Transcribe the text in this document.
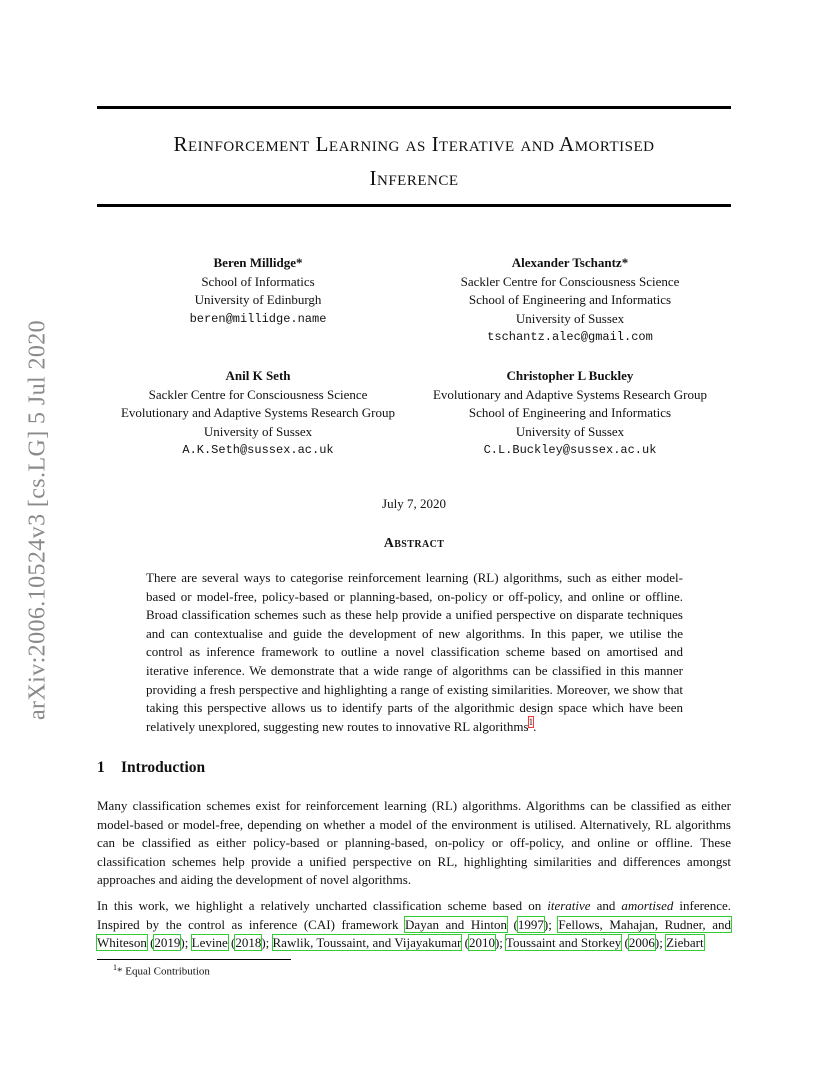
arXiv:2006.10524v3 [cs.LG] 5 Jul 2020
Reinforcement Learning as Iterative and Amortised
Inference
Beren Millidge*
School of Informatics
University of Edinburgh
beren@millidge.name
Alexander Tschantz*
Sackler Centre for Consciousness Science
School of Engineering and Informatics
University of Sussex
tschantz.alec@gmail.com
Anil K Seth
Sackler Centre for Consciousness Science
Evolutionary and Adaptive Systems Research Group
University of Sussex
A.K.Seth@sussex.ac.uk
Christopher L Buckley
Evolutionary and Adaptive Systems Research Group
School of Engineering and Informatics
University of Sussex
C.L.Buckley@sussex.ac.uk
July 7, 2020
Abstract
There are several ways to categorise reinforcement learning (RL) algorithms, such as either model-based or model-free, policy-based or planning-based, on-policy or off-policy, and online or offline. Broad classification schemes such as these help provide a unified perspective on disparate techniques and can contextualise and guide the development of new algorithms. In this paper, we utilise the control as inference framework to outline a novel classification scheme based on amortised and iterative inference. We demonstrate that a wide range of algorithms can be classified in this manner providing a fresh perspective and highlighting a range of existing similarities. Moreover, we show that taking this perspective allows us to identify parts of the algorithmic design space which have been relatively unexplored, suggesting new routes to innovative RL algorithms$^1$.
1 Introduction
Many classification schemes exist for reinforcement learning (RL) algorithms. Algorithms can be classified as either model-based or model-free, depending on whether a model of the environment is utilised. Alternatively, RL algorithms can be classified as either policy-based or planning-based, on-policy or off-policy, and online or offline. These classification schemes help provide a unified perspective on RL, highlighting similarities and differences amongst approaches and aiding the development of novel algorithms.
In this work, we highlight a relatively uncharted classification scheme based on iterative and amortised inference. Inspired by the control as inference (CAI) framework Dayan and Hinton (1997); Fellows, Mahajan, Rudner, and Whiteson (2019); Levine (2018); Rawlik, Toussaint, and Vijayakumar (2010); Toussaint and Storkey (2006); Ziebart
$^1$* Equal Contribution
